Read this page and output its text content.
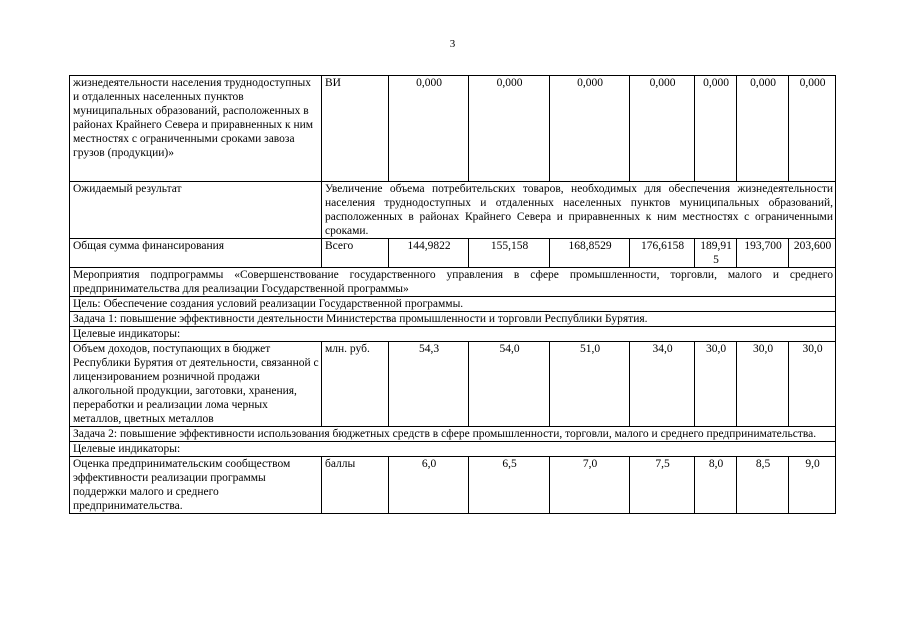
3
жизнедеятельности населения труднодоступных и отдаленных населенных пунктов муниципальных образований, расположенных в районах Крайнего Севера и приравненных к ним местностях с ограниченными сроками завоза грузов (продукции)»	ВИ	0,000	0,000	0,000	0,000	0,000	0,000	0,000
Ожидаемый результат	Увеличение объема потребительских товаров, необходимых для обеспечения жизнедеятельности населения труднодоступных и отдаленных населенных пунктов муниципальных образований, расположенных в районах Крайнего Севера и приравненных к ним местностях с ограниченными сроками.							
Общая сумма финансирования	Всего	144,9822	155,158	168,8529	176,6158	189,915	193,700	203,600
Мероприятия подпрограммы «Совершенствование государственного управления в сфере промышленности, торговли, малого и среднего предпринимательства для реализации Государственной программы»								
Цель: Обеспечение создания условий реализации Государственной программы.								
Задача 1: повышение эффективности деятельности Министерства промышленности и торговли Республики Бурятия.								
Целевые индикаторы:								
Объем доходов, поступающих в бюджет Республики Бурятия от деятельности, связанной с лицензированием розничной продажи алкогольной продукции, заготовки, хранения, переработки и реализации лома черных металлов, цветных металлов	млн. руб.	54,3	54,0	51,0	34,0	30,0	30,0	30,0
Задача 2: повышение эффективности использования бюджетных средств в сфере промышленности, торговли, малого и среднего предпринимательства.								
Целевые индикаторы:								
Оценка предпринимательским сообществом эффективности реализации программы поддержки малого и среднего предпринимательства.	баллы	6,0	6,5	7,0	7,5	8,0	8,5	9,0
